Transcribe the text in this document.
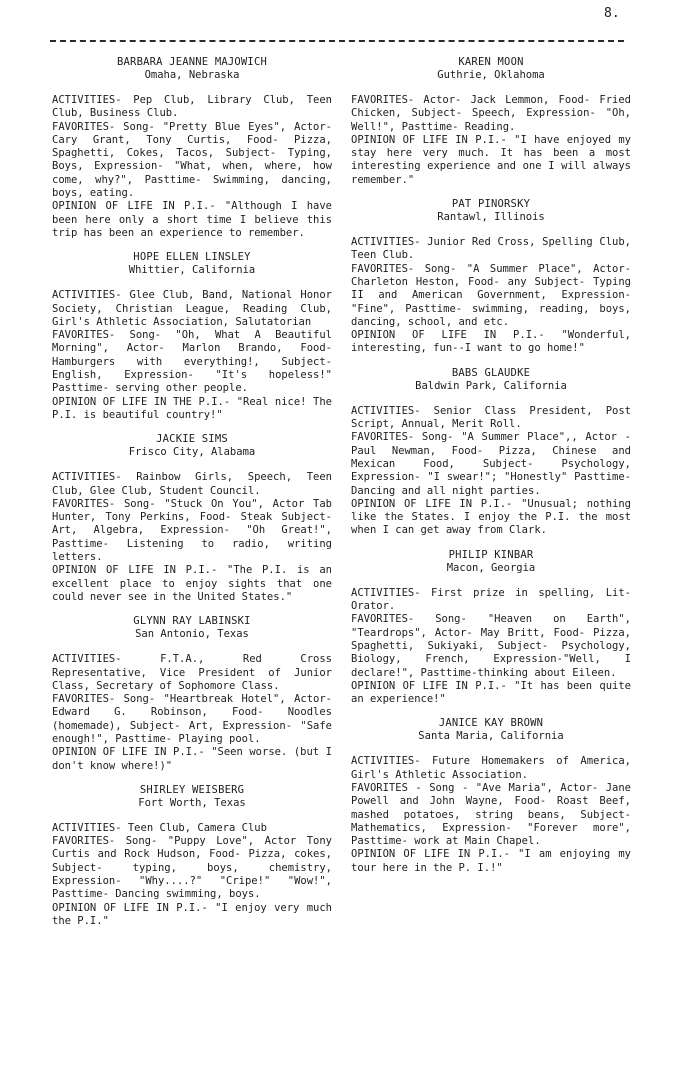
8.
BARBARA JEANNE MAJOWICH
Omaha, Nebraska

ACTIVITIES- Pep Club, Library Club, Teen Club, Business Club.

FAVORITES- Song- "Pretty Blue Eyes", Actor- Cary Grant, Tony Curtis, Food- Pizza, Spaghetti, Cokes, Tacos, Subject- Typing, Boys, Expression- "What, when, where, how come, why?", Pasttime- Swimming, dancing, boys, eating.

OPINION OF LIFE IN P.I.- "Although I have been here only a short time I believe this trip has been an experience to remember.

HOPE ELLEN LINSLEY
Whittier, California

ACTIVITIES- Glee Club, Band, National Honor Society, Christian League, Reading Club, Girl's Athletic Association, Salutatorian

FAVORITES- Song- "Oh, What A Beautiful Morning", Actor- Marlon Brando, Food- Hamburgers with everything!, Subject- English, Expression- "It's hopeless!" Pasttime- serving other people.

OPINION OF LIFE IN THE P.I.- "Real nice! The P.I. is beautiful country!"

JACKIE SIMS
Frisco City, Alabama

ACTIVITIES- Rainbow Girls, Speech, Teen Club, Glee Club, Student Council.

FAVORITES- Song- "Stuck On You", Actor Tab Hunter, Tony Perkins, Food- Steak Subject- Art, Algebra, Expression- "Oh Great!", Pasttime- Listening to radio, writing letters.

OPINION OF LIFE IN P.I.- "The P.I. is an excellent place to enjoy sights that one could never see in the United States."

GLYNN RAY LABINSKI
San Antonio, Texas

ACTIVITIES- F.T.A., Red Cross Representative, Vice President of Junior Class, Secretary of Sophomore Class.

FAVORITES- Song- "Heartbreak Hotel", Actor- Edward G. Robinson, Food- Noodles (homemade), Subject- Art, Expression- "Safe enough!", Pasttime- Playing pool.

OPINION OF LIFE IN P.I.- "Seen worse. (but I don't know where!)"

SHIRLEY WEISBERG
Fort Worth, Texas

ACTIVITIES- Teen Club, Camera Club

FAVORITES- Song- "Puppy Love", Actor Tony Curtis and Rock Hudson, Food- Pizza, cokes, Subject- typing, boys, chemistry, Expression- "Why....?" "Cripe!" "Wow!", Pasttime- Dancing swimming, boys.

OPINION OF LIFE IN P.I.- "I enjoy very much the P.I."

KAREN MOON
Guthrie, Oklahoma

FAVORITES- Actor- Jack Lemmon, Food- Fried Chicken, Subject- Speech, Expression- "Oh, Well!", Pasttime- Reading.

OPINION OF LIFE IN P.I.- "I have enjoyed my stay here very much. It has been a most interesting experience and one I will always remember."

PAT PINORSKY
Rantawl, Illinois

ACTIVITIES- Junior Red Cross, Spelling Club, Teen Club.

FAVORITES- Song- "A Summer Place", Actor- Charleton Heston, Food- any Subject- Typing II and American Government, Expression- "Fine", Pasttime- swimming, reading, boys, dancing, school, and etc.

OPINION OF LIFE IN P.I.- "Wonderful, interesting, fun--I want to go home!"

BABS GLAUDKE
Baldwin Park, California

ACTIVITIES- Senior Class President, Post Script, Annual, Merit Roll.

FAVORITES- Song- "A Summer Place",, Actor - Paul Newman, Food- Pizza, Chinese and Mexican Food, Subject- Psychology, Expression- "I swear!"; "Honestly" Pasttime- Dancing and all night parties.

OPINION OF LIFE IN P.I.- "Unusual; nothing like the States. I enjoy the P.I. the most when I can get away from Clark.

PHILIP KINBAR
Macon, Georgia

ACTIVITIES- First prize in spelling, Lit-Orator.

FAVORITES- Song- "Heaven on Earth", "Teardrops", Actor- May Britt, Food- Pizza, Spaghetti, Sukiyaki, Subject- Psychology, Biology, French, Expression-"Well, I declare!", Pasttime-thinking about Eileen.

OPINION OF LIFE IN P.I.- "It has been quite an experience!"

JANICE KAY BROWN
Santa Maria, California

ACTIVITIES- Future Homemakers of America, Girl's Athletic Association.

FAVORITES - Song - "Ave Maria", Actor- Jane Powell and John Wayne, Food- Roast Beef, mashed potatoes, string beans, Subject- Mathematics, Expression- "Forever more", Pasttime- work at Main Chapel.

OPINION OF LIFE IN P.I.- "I am enjoying my tour here in the P. I.!"
